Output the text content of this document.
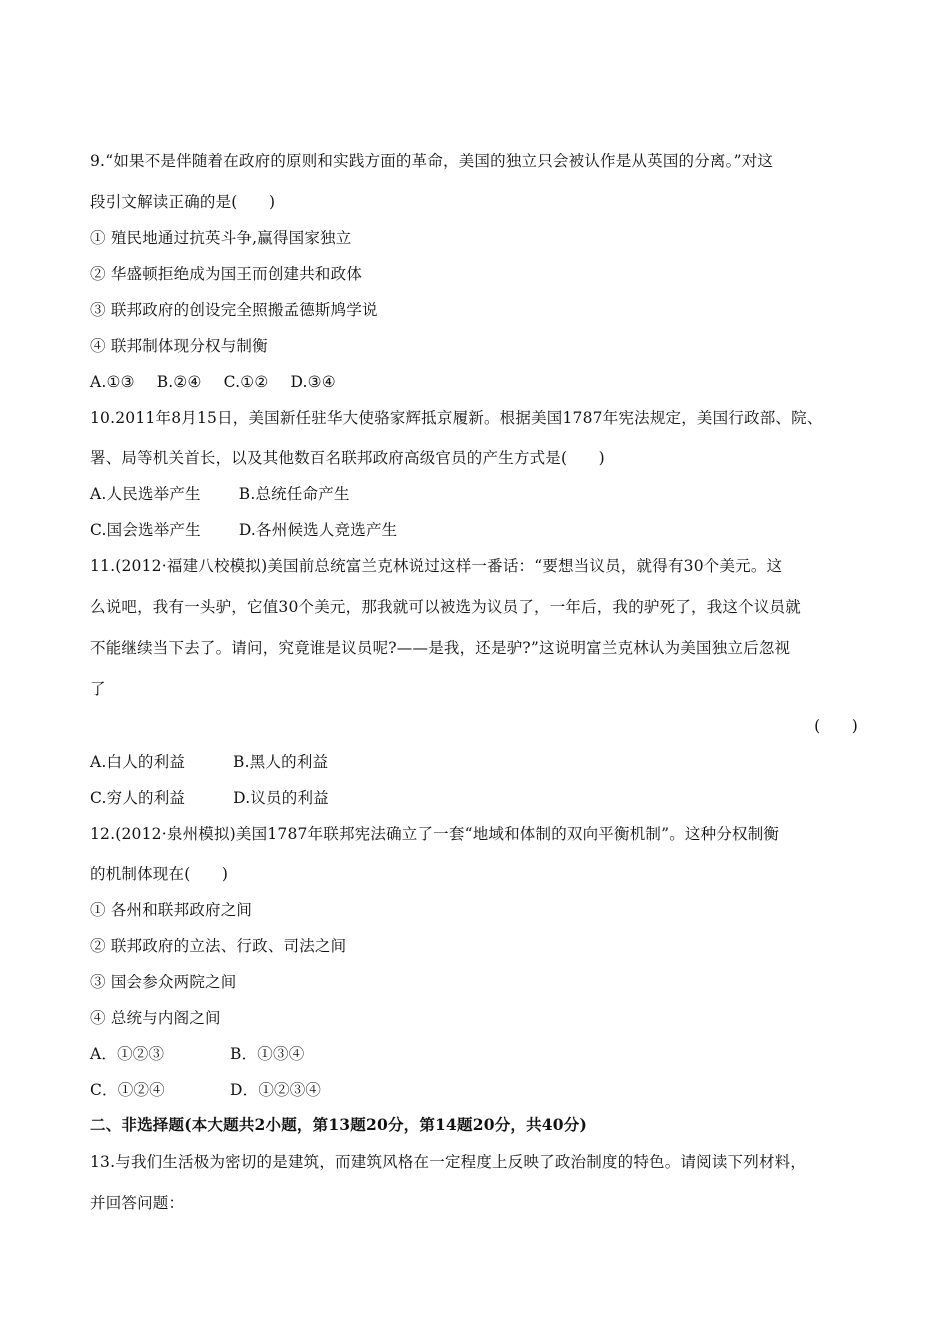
9.“如果不是伴随着在政府的原则和实践方面的革命，美国的独立只会被认作是从英国的分离。”对这
段引文解读正确的是(　　)
① 殖民地通过抗英斗争,赢得国家独立
② 华盛顿拒绝成为国王而创建共和政体
③ 联邦政府的创设完全照搬孟德斯鸠学说
④ 联邦制体现分权与制衡
A.①③ B.②④ C.①② D.③④
10.2011年8月15日，美国新任驻华大使骆家辉抵京履新。根据美国1787年宪法规定，美国行政部、院、
署、局等机关首长，以及其他数百名联邦政府高级官员的产生方式是(　　)
A.人民选举产生 B.总统任命产生
C.国会选举产生 D.各州候选人竞选产生
11.(2012·福建八校模拟)美国前总统富兰克林说过这样一番话：“要想当议员，就得有30个美元。这
么说吧，我有一头驴，它值30个美元，那我就可以被选为议员了，一年后，我的驴死了，我这个议员就
不能继续当下去了。请问，究竟谁是议员呢?——是我，还是驴?”这说明富兰克林认为美国独立后忽视
了
(　　)
A.白人的利益	B.黑人的利益
C.穷人的利益	D.议员的利益
12.(2012·泉州模拟)美国1787年联邦宪法确立了一套“地域和体制的双向平衡机制”。这种分权制衡
的机制体现在(　　)
① 各州和联邦政府之间
② 联邦政府的立法、行政、司法之间
③ 国会参众两院之间
④ 总统与内阁之间
A．①②③	B．①③④
C．①②④	D．①②③④
二、非选择题(本大题共2小题，第13题20分，第14题20分，共40分)
13.与我们生活极为密切的是建筑，而建筑风格在一定程度上反映了政治制度的特色。请阅读下列材料，
并回答问题：
